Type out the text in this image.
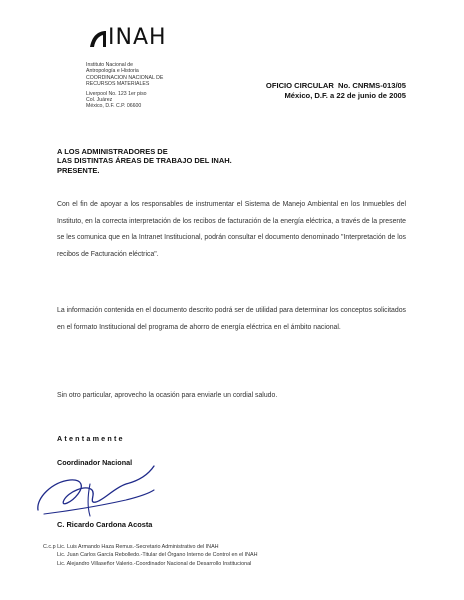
INAH
Instituto Nacional de
Antropología e Historia
COORDINACION NACIONAL DE
RECURSOS MATERIALES
Liverpool No. 123 1er piso
Col. Juárez
México, D.F. C.P. 06600
OFICIO CIRCULAR  No. CNRMS-013/05
México, D.F. a 22 de junio de 2005
A LOS ADMINISTRADORES DE
LAS DISTINTAS ÁREAS DE TRABAJO DEL INAH.
PRESENTE.
Con el fin de apoyar a los responsables de instrumentar el Sistema de Manejo Ambiental en los Inmuebles del Instituto, en la correcta interpretación de los recibos de facturación de la energía eléctrica, a través de la presente se les comunica que en la Intranet Institucional, podrán consultar el documento denominado "Interpretación de los recibos de Facturación eléctrica".
La información contenida en el documento descrito podrá ser de utilidad para determinar los conceptos solicitados en el formato Institucional del programa de ahorro de energía eléctrica en el ámbito nacional.
Sin otro particular, aprovecho la ocasión para enviarle un cordial saludo.
Atentamente
Coordinador Nacional
C. Ricardo Cardona Acosta
C.c.p Lic. Luis Armando Haza Remus.-Secretario Administrativo del INAH
Lic. Juan Carlos García Rebolledo.-Titular del Órgano Interno de Control en el INAH
Lic. Alejandro Villaseñor Valerio.-Coordinador Nacional de Desarrollo Institucional
